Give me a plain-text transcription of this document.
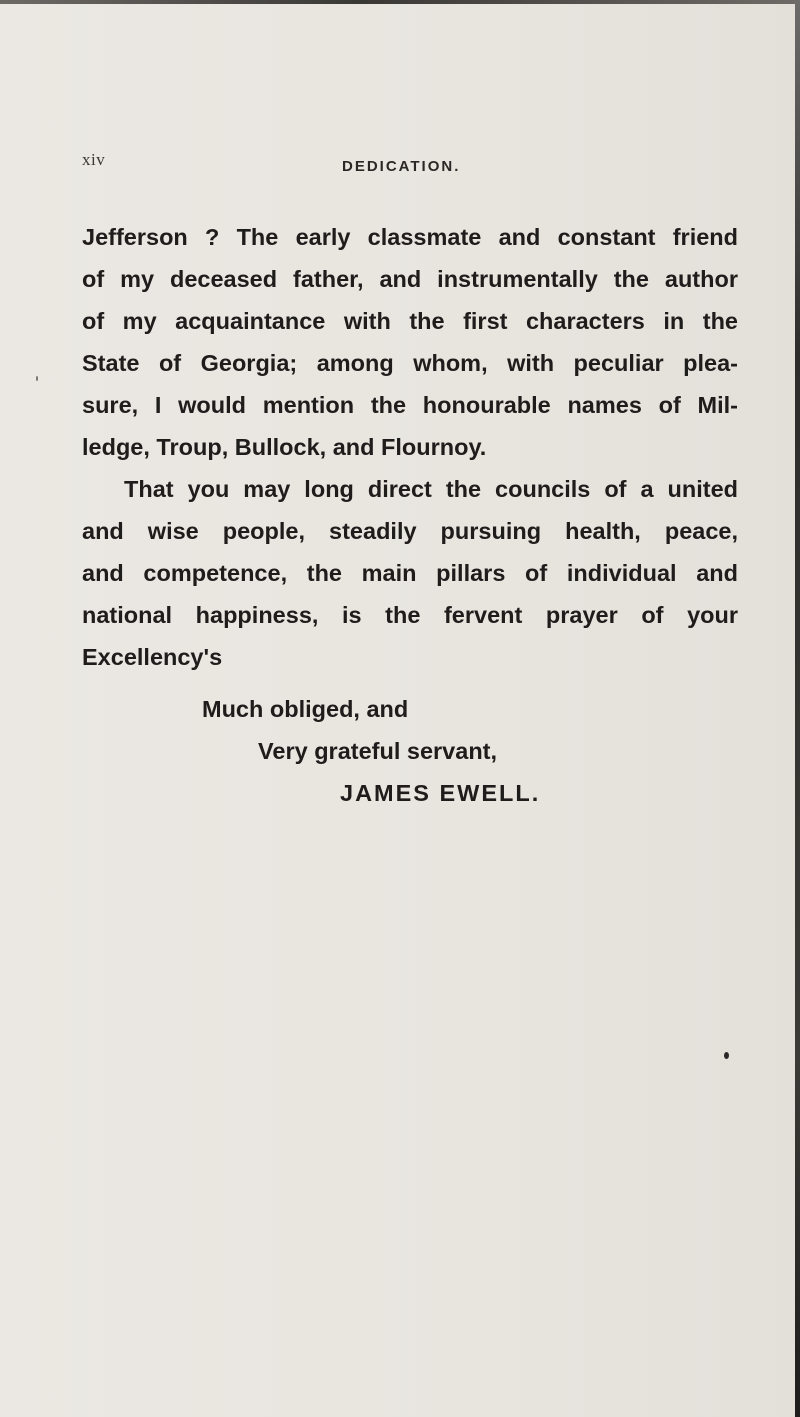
xiv	DEDICATION.
Jefferson ? The early classmate and constant friend
of my deceased father, and instrumentally the author
of my acquaintance with the first characters in the
State of Georgia; among whom, with peculiar plea-
sure, I would mention the honourable names of Mil-
ledge, Troup, Bullock, and Flournoy.
That you may long direct the councils of a united
and wise people, steadily pursuing health, peace,
and competence, the main pillars of individual and
national happiness, is the fervent prayer of your
Excellency's
Much obliged, and
Very grateful servant,
JAMES EWELL.
